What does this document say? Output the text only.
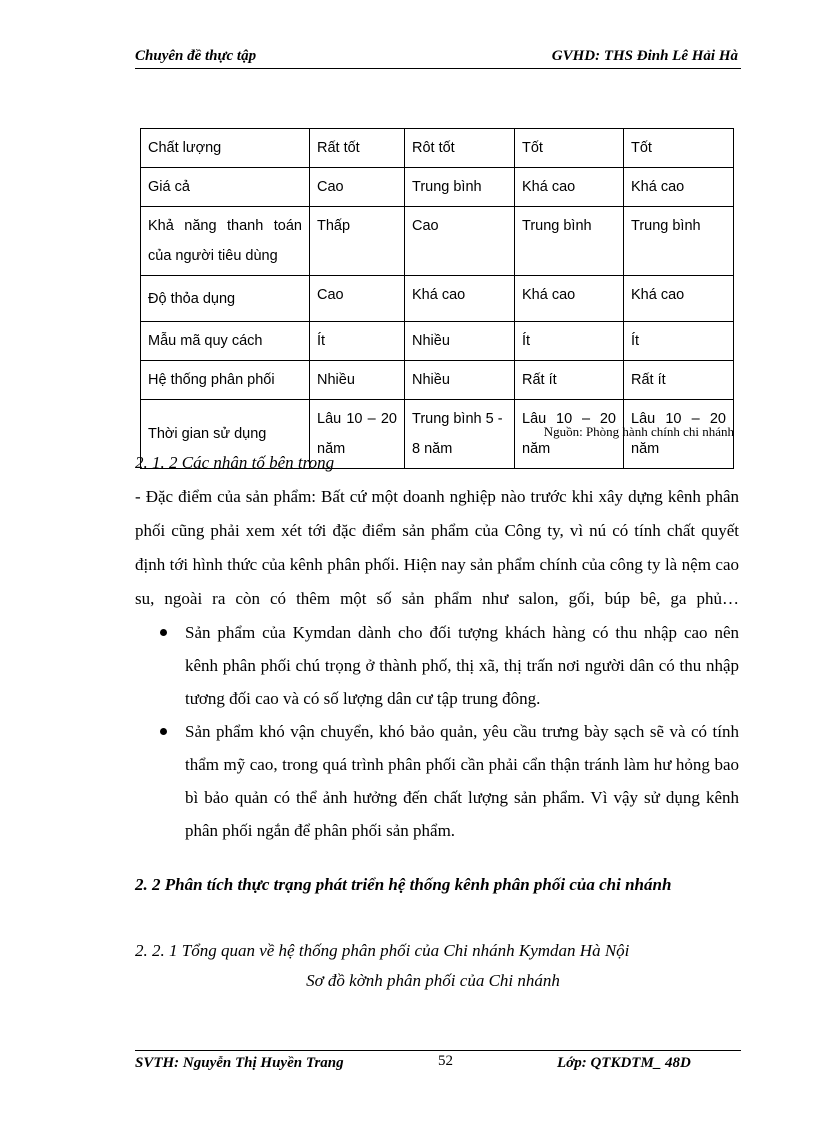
Chuyên đề thực tập	GVHD: THS Đinh Lê Hải Hà
Chất lượng	Rất tốt	Rôt tốt	Tốt	Tốt
Giá cả	Cao	Trung bình	Khá cao	Khá cao
Khả năng thanh toán của người tiêu dùng	Thấp	Cao	Trung bình	Trung bình
Độ thỏa dụng	Cao	Khá cao	Khá cao	Khá cao
Mẫu mã quy cách	Ít	Nhiều	Ít	Ít
Hệ thống phân phối	Nhiều	Nhiều	Rất ít	Rất ít
Thời gian sử dụng	Lâu 10 – 20 năm	Trung bình 5 - 8 năm	Lâu 10 – 20 năm	Lâu 10 – 20 năm
Nguồn: Phòng hành chính chi nhánh
2. 1. 2 Các nhân tố bên trong

- Đặc điểm của sản phẩm: Bất cứ một doanh nghiệp nào trước khi xây dựng kênh phân phối cũng phải xem xét tới đặc điểm sản phẩm của Công ty, vì nú có tính chất quyết định tới hình thức của kênh phân phối. Hiện nay sản phẩm chính của công ty là nệm cao su, ngoài ra còn có thêm một số sản phẩm như salon, gối, búp bê, ga phủ…

Sản phẩm của Kymdan dành cho đối tượng khách hàng có thu nhập cao nên kênh phân phối chú trọng ở thành phố, thị xã, thị trấn nơi người dân có thu nhập tương đối cao và có số lượng dân cư tập trung đông.
Sản phẩm khó vận chuyển, khó bảo quản, yêu cầu trưng bày sạch sẽ và có tính thẩm mỹ cao, trong quá trình phân phối cần phải cẩn thận tránh làm hư hỏng bao bì bảo quản có thể ảnh hưởng đến chất lượng sản phẩm. Vì vậy sử dụng kênh phân phối ngắn để phân phối sản phẩm.
2. 2 Phân tích thực trạng phát triển hệ thống kênh phân phối của chi nhánh
2. 2. 1 Tổng quan về hệ thống phân phối của Chi nhánh Kymdan Hà Nội
Sơ đồ kờnh phân phối của Chi nhánh
SVTH: Nguyễn Thị Huyền Trang	52	Lớp: QTKDTM_ 48D
